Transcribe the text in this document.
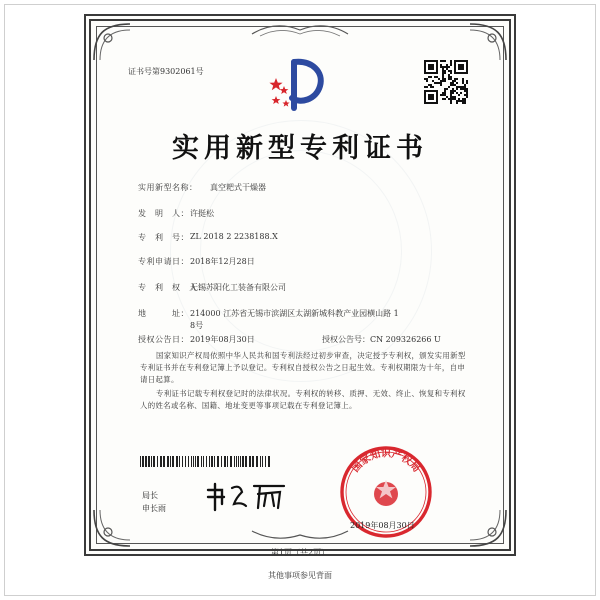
证书号第9302061号
实用新型专利证书
实用新型名称： 真空耙式干燥器
发　明　人： 许挺松
专　利　号： ZL 2018 2 2238188.X
专利申请日： 2018年12月28日
专　利　权　人：
无锡苏阳化工装备有限公司
地　　　址： 214000 江苏省无锡市滨湖区太湖新城科教产业园横山路 1
8号
授权公告日： 2019年08月30日	授权公告号：CN 209326266 U
国家知识产权局依照中华人民共和国专利法经过初步审查，决定授予专利权，颁发实用新型专利证书并在专利登记簿上予以登记。专利权自授权公告之日起生效。专利权期限为十年，自申请日起算。
专利证书记载专利权登记时的法律状况。专利权的转移、质押、无效、终止、恢复和专利权人的姓名或名称、国籍、地址变更等事项记载在专利登记簿上。
局长
申长雨
国家知识产权局
2019年08月30日
第1页（共2页）
其他事项参见背面
